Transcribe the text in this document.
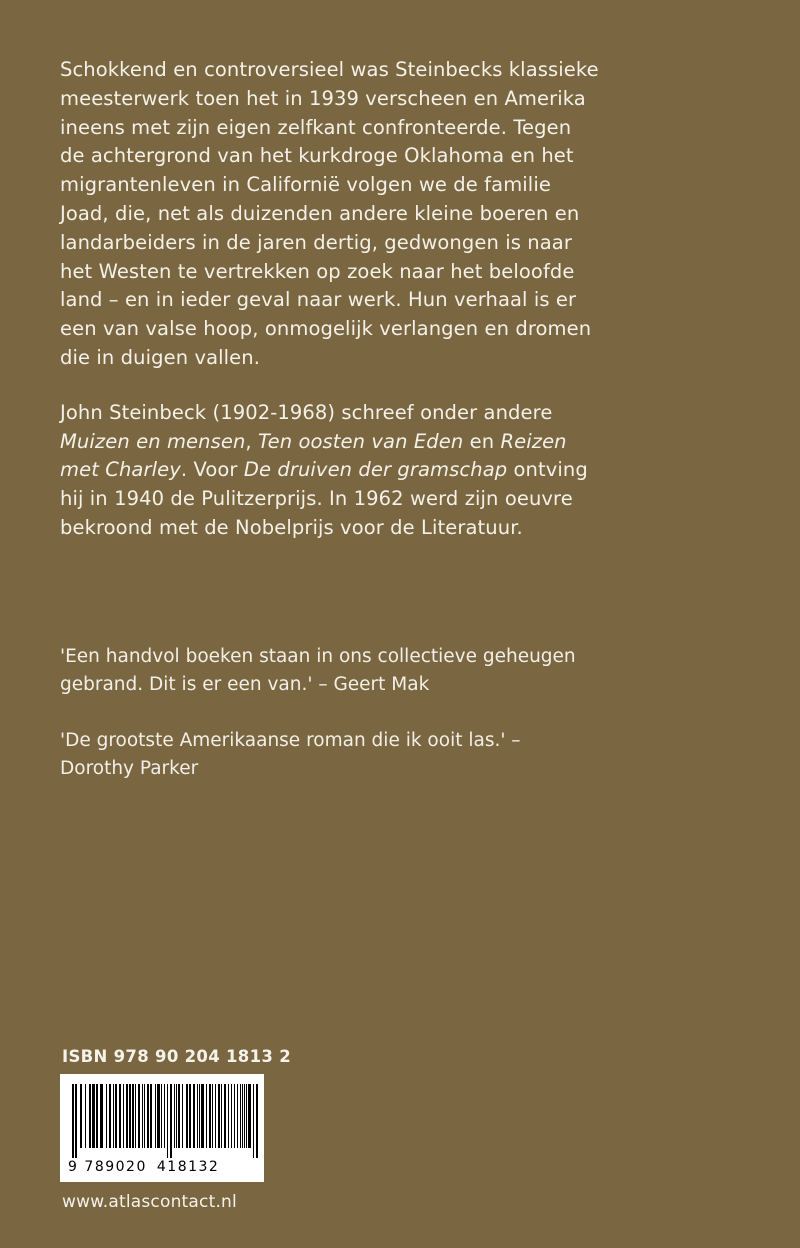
Schokkend en controversieel was Steinbecks klassieke meesterwerk toen het in 1939 verscheen en Amerika ineens met zijn eigen zelfkant confronteerde. Tegen de achtergrond van het kurkdroge Oklahoma en het migrantenleven in Californië volgen we de familie Joad, die, net als duizenden andere kleine boeren en landarbeiders in de jaren dertig, gedwongen is naar het Westen te vertrekken op zoek naar het beloofde land – en in ieder geval naar werk. Hun verhaal is er een van valse hoop, onmogelijk verlangen en dromen die in duigen vallen.

John Steinbeck (1902-1968) schreef onder andere Muizen en mensen, Ten oosten van Eden en Reizen met Charley. Voor De druiven der gramschap ontving hij in 1940 de Pulitzerprijs. In 1962 werd zijn oeuvre bekroond met de Nobelprijs voor de Literatuur.

'Een handvol boeken staan in ons collectieve geheugen gebrand. Dit is er een van.' – Geert Mak

'De grootste Amerikaanse roman die ik ooit las.' – Dorothy Parker

ISBN 978 90 204 1813 2

9 789020 418132

www.atlascontact.nl
